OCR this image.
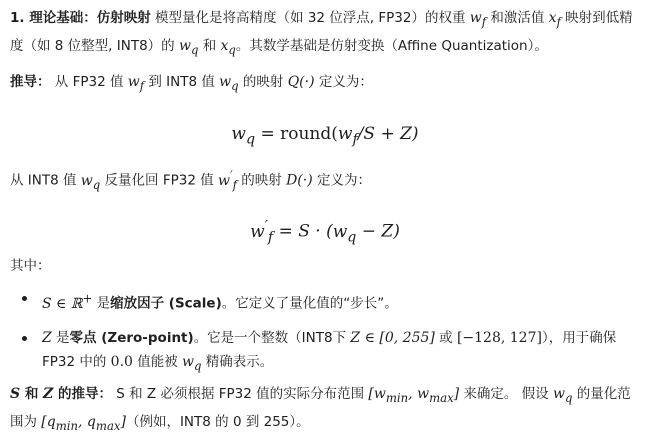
1. 理论基础：仿射映射 模型量化是将高精度（如 32 位浮点, FP32）的权重 $w_f$ 和激活值 $x_f$ 映射到低精度（如 8 位整型, INT8）的 $w_q$ 和 $x_q$。其数学基础是仿射变换（Affine Quantization）。

推导： 从 FP32 值 $w_f$ 到 INT8 值 $w_q$ 的映射 Q(·) 定义为：

$w_q$ = $round(w_f/S + Z)$

从 INT8 值 $w_q$ 反量化回 FP32 值 $w'_f$ 的映射 D(·) 定义为：

$w'_f = S \cdot (w_q - Z)$

其中：

S ∈ ℝ+ 是缩放因子 (Scale)。它定义了量化值的“步长”。
Z 是零点 (Zero-point)。它是一个整数（INT8下 Z ∈ [0, 255] 或 [−128, 127]），用于确保 FP32 中的 0.0 值能被 $w_q$ 精确表示。

S 和 Z 的推导： S 和 Z 必须根据 FP32 值的实际分布范围 [$w_{min}$, $w_{max}$] 来确定。 假设 $w_q$ 的量化范围为 [$q_{min}$, $q_{max}$]（例如，INT8 的 0 到 255）。
